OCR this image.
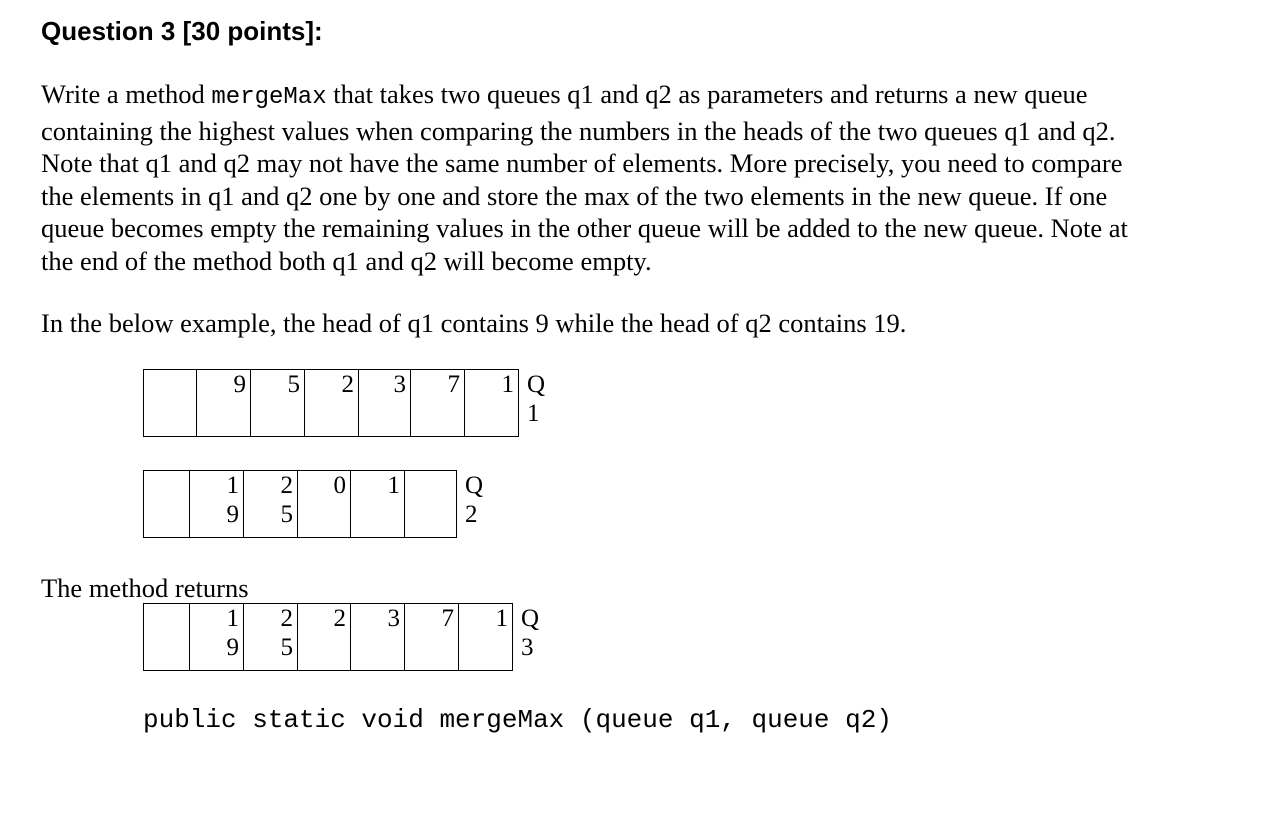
Question 3 [30 points]:
Write a method mergeMax that takes two queues q1 and q2 as parameters and returns a new queue
containing the highest values when comparing the numbers in the heads of the two queues q1 and q2.
Note that q1 and q2 may not have the same number of elements. More precisely, you need to compare
the elements in q1 and q2 one by one and store the max of the two elements in the new queue. If one
queue becomes empty the remaining values in the other queue will be added to the new queue. Note at
the end of the method both q1 and q2 will become empty.
In the below example, the head of q1 contains 9 while the head of q2 contains 19.

9	5	2	3	7	1	Q
1

1
9

2
5

0	1		Q
2
The method returns

1
9

2
5

2	3	7	1	Q
3
public static void mergeMax (queue q1, queue q2)
